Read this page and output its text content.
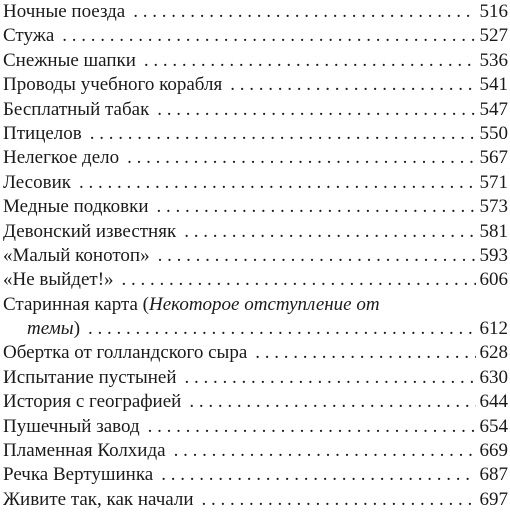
Ночные поезда . . .	516
Стужа . . .	527
Снежные шапки . . .	536
Проводы учебного корабля . . .	541
Бесплатный табак . . .	547
Птицелов . . .	550
Нелегкое дело . . .	567
Лесовик . . .	571
Медные подковки . . .	573
Девонский известняк . . .	581
«Малый конотоп» . . .	593
«Не выйдет!» . . .	606
Старинная карта (Некоторое отступление от
темы) . . .	612
Обертка от голландского сыра . . .	628
Испытание пустыней . . .	630
История с географией . . .	644
Пушечный завод . . .	654
Пламенная Колхида . . .	669
Речка Вертушинка . . .	687
Живите так, как начали . . .	697
